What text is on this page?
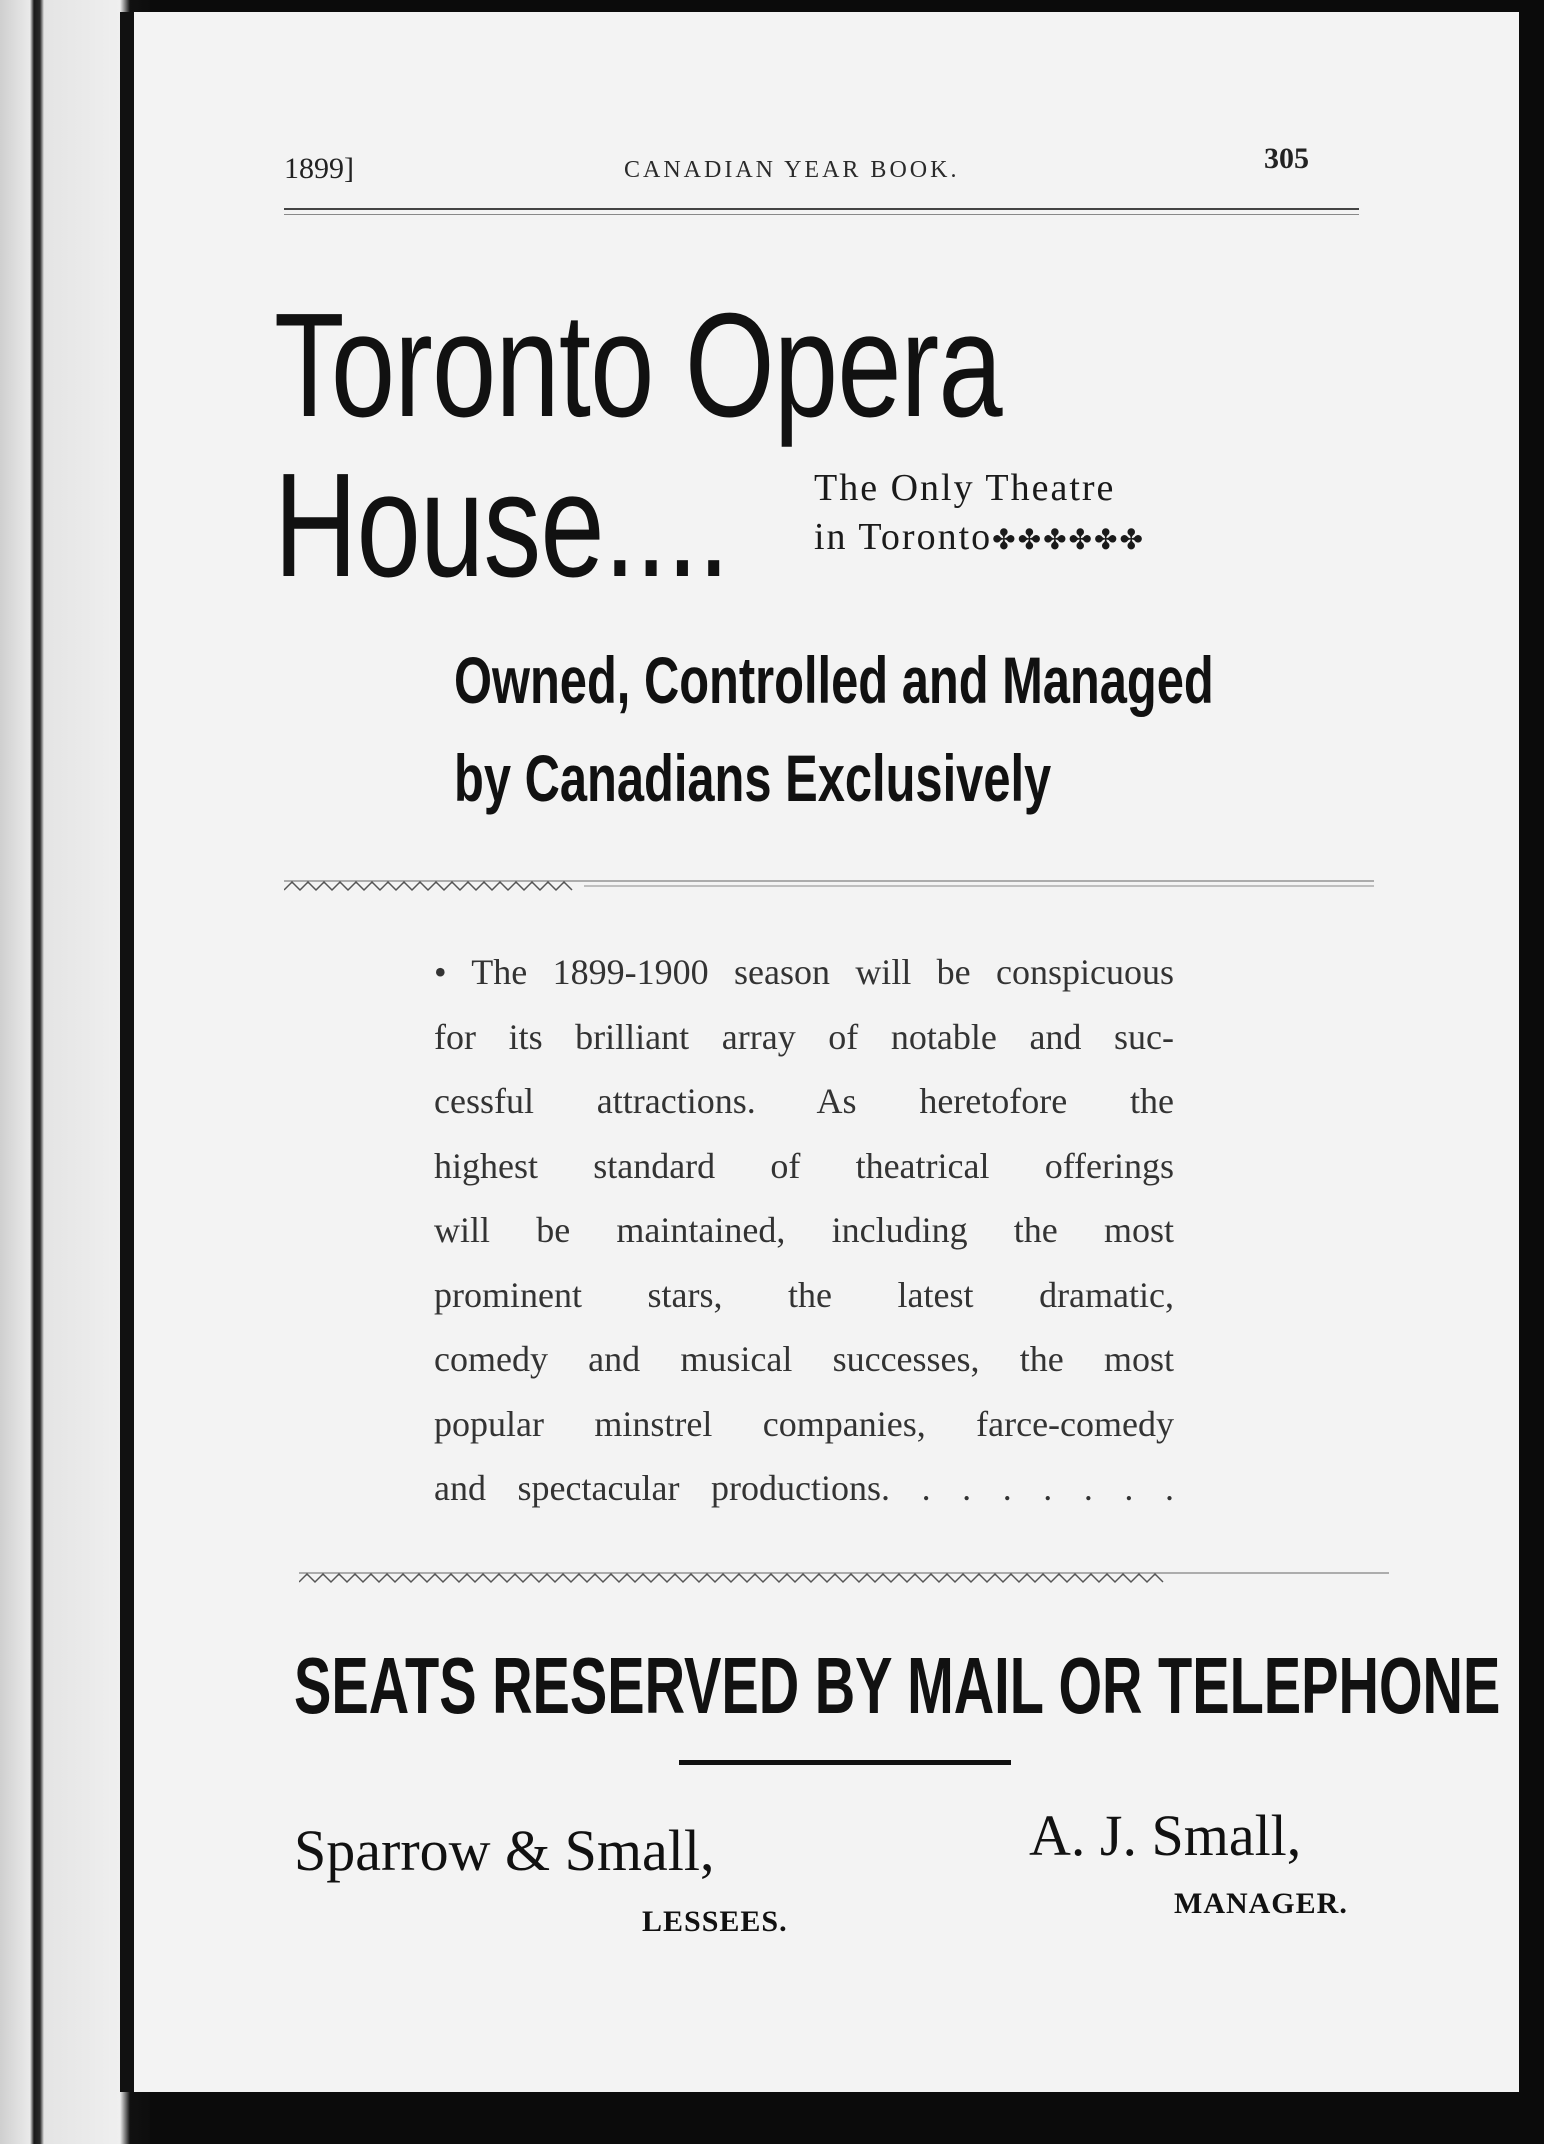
1899]	CANADIAN YEAR BOOK.	305

Toronto Opera

House.... The Only Theatre
in Toronto✤✤✤✤✤✤

Owned, Controlled and Managed

by Canadians Exclusively

• The 1899-1900 season will be conspicuous
for its brilliant array of notable and suc-
cessful attractions. As heretofore the
highest standard of theatrical offerings
will be maintained, including the most
prominent stars, the latest dramatic,
comedy and musical successes, the most
popular minstrel companies, farce-comedy
and spectacular productions. . . . . . . .

SEATS RESERVED BY MAIL OR TELEPHONE

Sparrow & Small,

LESSEES.

A. J. Small,

MANAGER.
